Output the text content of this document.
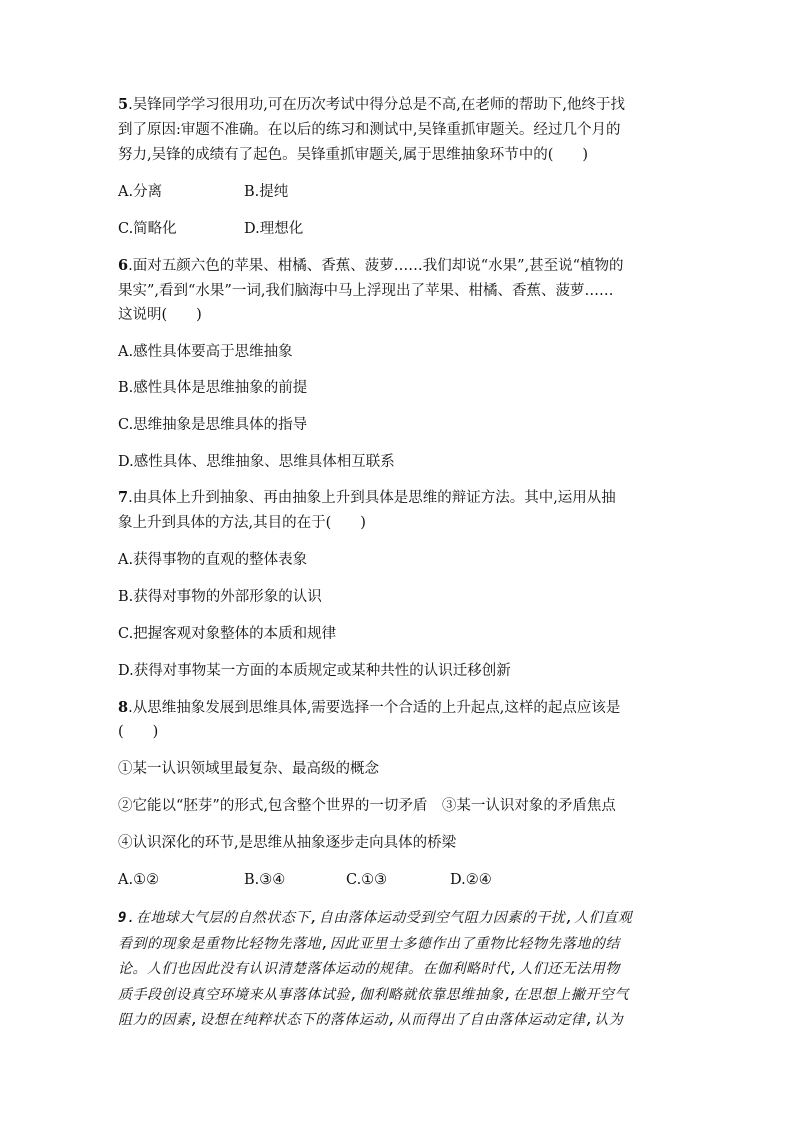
5.吴锋同学学习很用功,可在历次考试中得分总是不高,在老师的帮助下,他终于找
到了原因:审题不准确。在以后的练习和测试中,吴锋重抓审题关。经过几个月的
努力,吴锋的成绩有了起色。吴锋重抓审题关,属于思维抽象环节中的(　　)
A.分离	B.提纯
C.简略化	D.理想化
6.面对五颜六色的苹果、柑橘、香蕉、菠萝……我们却说“水果”,甚至说“植物的
果实”,看到“水果”一词,我们脑海中马上浮现出了苹果、柑橘、香蕉、菠萝……
这说明(　　)
A.感性具体要高于思维抽象
B.感性具体是思维抽象的前提
C.思维抽象是思维具体的指导
D.感性具体、思维抽象、思维具体相互联系
7.由具体上升到抽象、再由抽象上升到具体是思维的辩证方法。其中,运用从抽
象上升到具体的方法,其目的在于(　　)
A.获得事物的直观的整体表象
B.获得对事物的外部形象的认识
C.把握客观对象整体的本质和规律
D.获得对事物某一方面的本质规定或某种共性的认识迁移创新
8.从思维抽象发展到思维具体,需要选择一个合适的上升起点,这样的起点应该是
(　　)
①某一认识领域里最复杂、最高级的概念
②它能以“胚芽”的形式,包含整个世界的一切矛盾　③某一认识对象的矛盾焦点
④认识深化的环节,是思维从抽象逐步走向具体的桥梁
A.①②	B.③④	C.①③	D.②④
9.在地球大气层的自然状态下,自由落体运动受到空气阻力因素的干扰,人们直观
看到的现象是重物比轻物先落地,因此亚里士多德作出了重物比轻物先落地的结
论。人们也因此没有认识清楚落体运动的规律。在伽利略时代,人们还无法用物
质手段创设真空环境来从事落体试验,伽利略就依靠思维抽象,在思想上撇开空气
阻力的因素,设想在纯粹状态下的落体运动,从而得出了自由落体运动定律,认为
